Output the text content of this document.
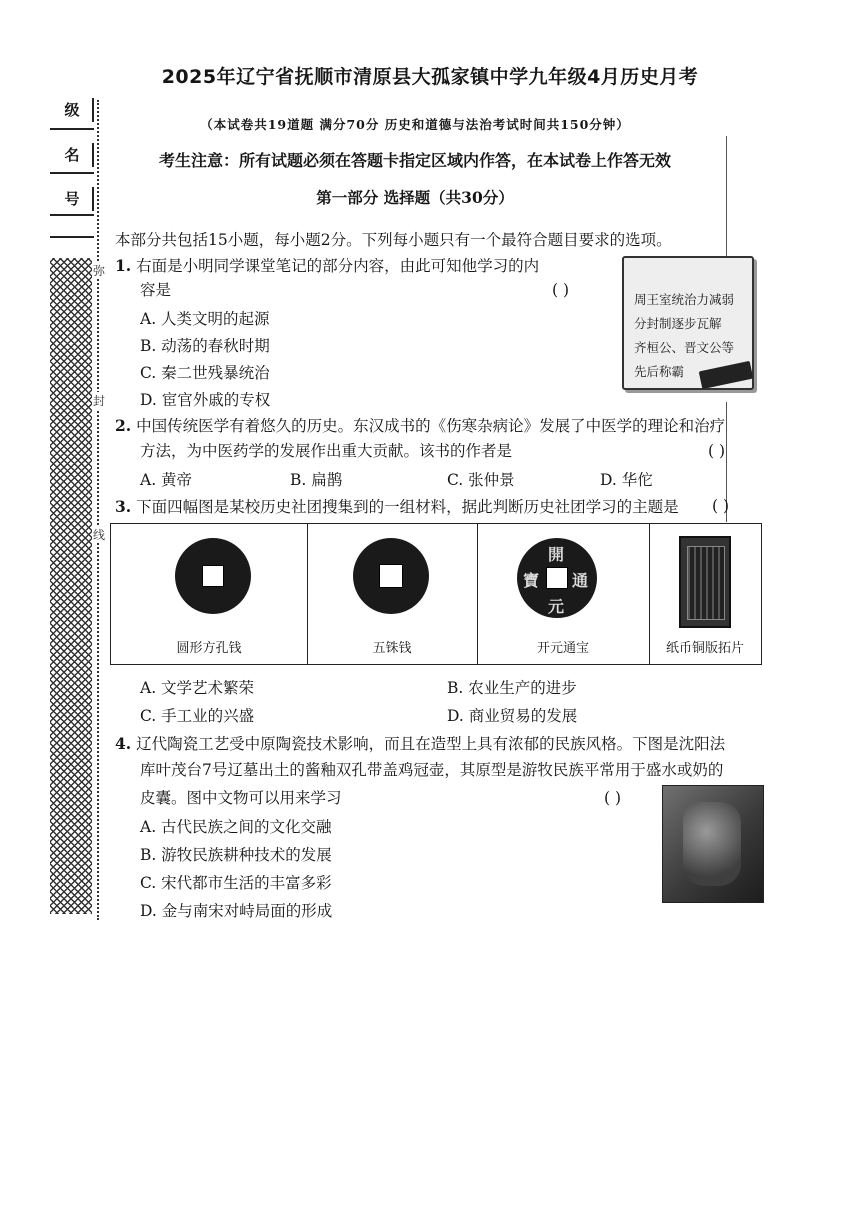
2025年辽宁省抚顺市清原县大孤家镇中学九年级4月历史月考
级
名
号
弥
封
线
（本试卷共19道题 满分70分 历史和道德与法治考试时间共150分钟）
考生注意：所有试题必须在答题卡指定区域内作答，在本试卷上作答无效
第一部分 选择题（共30分）
本部分共包括15小题，每小题2分。下列每小题只有一个最符合题目要求的选项。
1. 右面是小明同学课堂笔记的部分内容，由此可知他学习的内
容是	( )
A. 人类文明的起源
B. 动荡的春秋时期
C. 秦二世残暴统治
D. 宦官外戚的专权
周王室统治力减弱
分封制逐步瓦解
齐桓公、晋文公等
先后称霸
2. 中国传统医学有着悠久的历史。东汉成书的《伤寒杂病论》发展了中医学的理论和治疗
方法，为中医药学的发展作出重大贡献。该书的作者是	( )
A. 黄帝	B. 扁鹊	C. 张仲景	D. 华佗
3. 下面四幅图是某校历史社团搜集到的一组材料，据此判断历史社团学习的主题是 ( )
圆形方孔钱	五铢钱
開
通
寶
元
开元通宝	纸币铜版拓片
A. 文学艺术繁荣	B. 农业生产的进步
C. 手工业的兴盛	D. 商业贸易的发展
4. 辽代陶瓷工艺受中原陶瓷技术影响，而且在造型上具有浓郁的民族风格。下图是沈阳法
库叶茂台7号辽墓出土的酱釉双孔带盖鸡冠壶，其原型是游牧民族平常用于盛水或奶的
皮囊。图中文物可以用来学习	( )
A. 古代民族之间的文化交融
B. 游牧民族耕种技术的发展
C. 宋代都市生活的丰富多彩
D. 金与南宋对峙局面的形成
